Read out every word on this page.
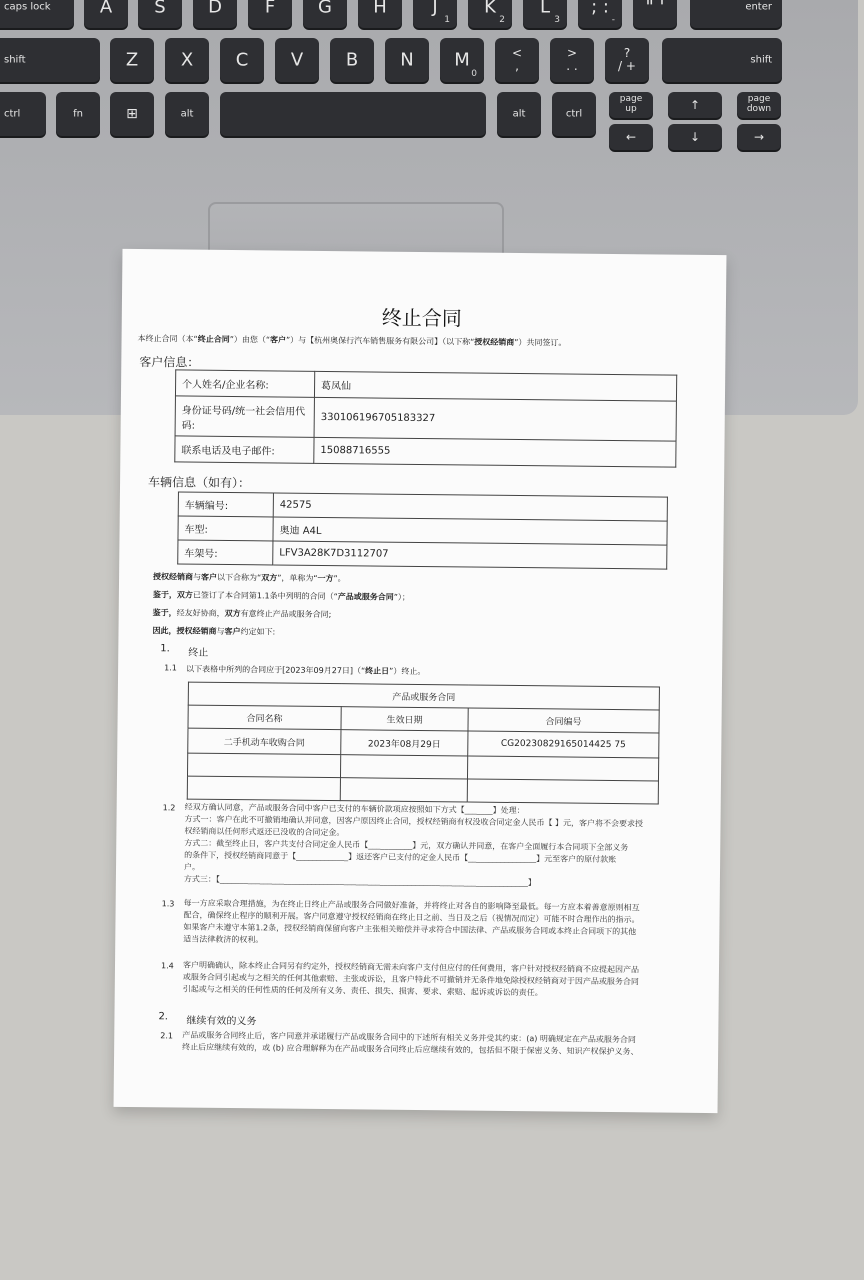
caps lock	A	S	D	F	G	H	J
1
K
2
L
3
; :
-
" '	enter
shift	Z	X	C	V	B	N	M
0
<
,
>
. .
?
/ +	shift
ctrl	fn	⊞	alt	alt	ctrl
page
up	↑	page
down
←	↓	→
终止合同
本终止合同（本“终止合同”）由您（“客户”）与【杭州奥保行汽车销售服务有限公司】（以下称“授权经销商”）共同签订。
客户信息：
个人姓名/企业名称:	葛凤仙
身份证号码/统一社会信用代码:	330106196705183327
联系电话及电子邮件:	15088716555
车辆信息（如有）：
车辆编号:	42575
车型:	奥迪 A4L
车架号:	LFV3A28K7D3112707
授权经销商与客户以下合称为“双方”，单称为“一方”。
鉴于，双方已签订了本合同第1.1条中列明的合同（“产品或服务合同”）；
鉴于，经友好协商，双方有意终止产品或服务合同;
因此，授权经销商与客户约定如下:
1. 终止
1.1 以下表格中所列的合同应于[2023年09月27日]（“终止日”）终止。
产品或服务合同		
合同名称	生效日期	合同编号
二手机动车收购合同	2023年08月29日	CG20230829165014425 75

1.2 经双方确认同意，产品或服务合同中客户已支付的车辆价款项应按照如下方式【_______】处理：
方式一：客户在此不可撤销地确认并同意，因客户原因终止合同，授权经销商有权没收合同定金人民币【 】元，客户将不会要求授
权经销商以任何形式返还已没收的合同定金。
方式二：截至终止日，客户共支付合同定金人民币【___________】元，双方确认并同意，在客户全面履行本合同项下全部义务
的条件下，授权经销商同意于【_____________】返还客户已支付的定金人民币【_________________】元至客户的原付款账
户。
方式三：【_____________________________________________________________________________】
1.3 每一方应采取合理措施，为在终止日终止产品或服务合同做好准备，并将终止对各自的影响降至最低。每一方应本着善意原则相互
配合，确保终止程序的顺利开展。客户同意遵守授权经销商在终止日之前、当日及之后（视情况而定）可能不时合理作出的指示。
如果客户未遵守本第1.2条，授权经销商保留向客户主张相关赔偿并寻求符合中国法律、产品或服务合同或本终止合同项下的其他
适当法律救济的权利。
1.4 客户明确确认，除本终止合同另有约定外，授权经销商无需未向客户支付但应付的任何费用，客户针对授权经销商不应提起因产品
或服务合同引起或与之相关的任何其他索赔、主张或诉讼，且客户特此不可撤销并无条件地免除授权经销商对于因产品或服务合同
引起或与之相关的任何性质的任何及所有义务、责任、损失、损害、要求、索赔、起诉或诉讼的责任。
2. 继续有效的义务
2.1 产品或服务合同终止后，客户同意并承诺履行产品或服务合同中的下述所有相关义务并受其约束：(a) 明确规定在产品或服务合同
终止后应继续有效的，或 (b) 应合理解释为在产品或服务合同终止后应继续有效的，包括但不限于保密义务、知识产权保护义务、
